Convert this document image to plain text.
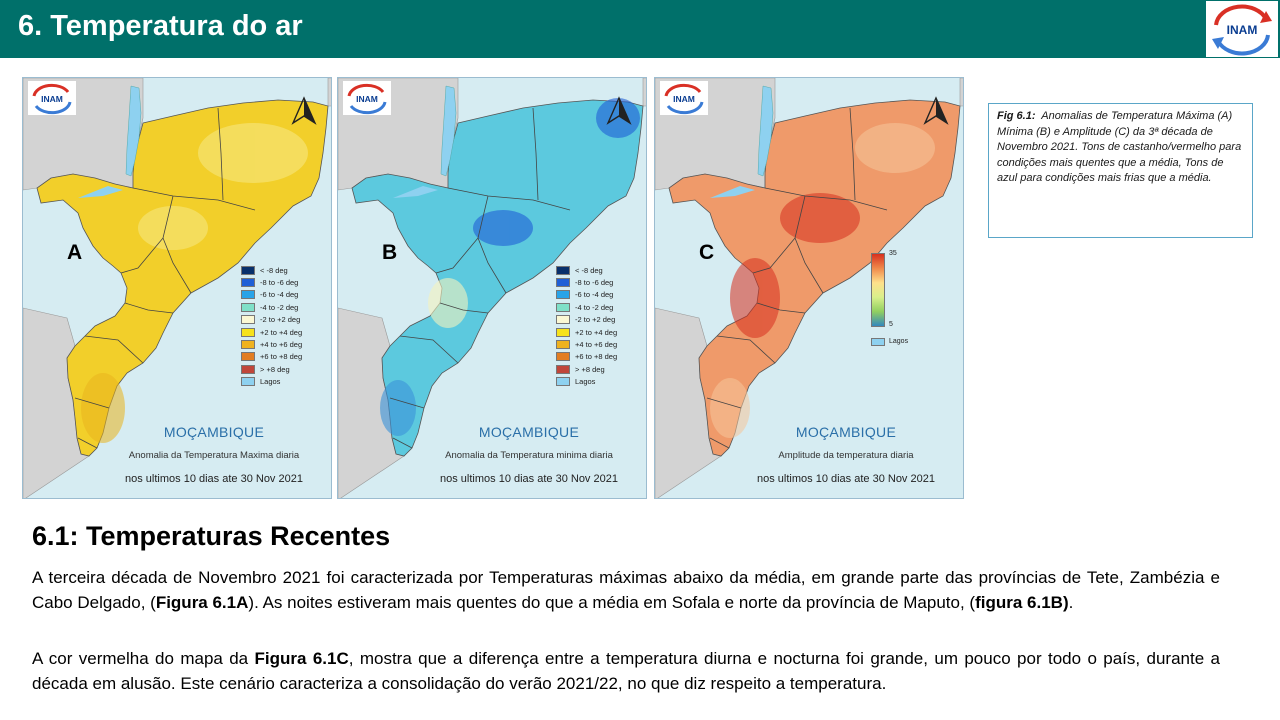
6. Temperatura do ar	INAM
INAM
A
< -8 deg
-8 to -6 deg
-6 to -4 deg
-4 to -2 deg
-2 to +2 deg
+2 to +4 deg
+4 to +6 deg
+6 to +8 deg
> +8 deg
Lagos
MOÇAMBIQUE
Anomalia da Temperatura Maxima diaria
nos ultimos 10 dias ate 30 Nov 2021
INAM
B
< -8 deg
-8 to -6 deg
-6 to -4 deg
-4 to -2 deg
-2 to +2 deg
+2 to +4 deg
+4 to +6 deg
+6 to +8 deg
> +8 deg
Lagos
MOÇAMBIQUE
Anomalia da Temperatura minima diaria
nos ultimos 10 dias ate 30 Nov 2021
INAM
C	35
5
Lagos
MOÇAMBIQUE
Amplitude da temperatura diaria
nos ultimos 10 dias ate 30 Nov 2021
Fig 6.1: Anomalias de Temperatura Máxima (A) Mínima (B) e Amplitude (C) da 3ª década de Novembro 2021. Tons de castanho/vermelho para condições mais quentes que a média, Tons de azul para condições mais frias que a média.
6.1: Temperaturas Recentes
A terceira década de Novembro 2021 foi caracterizada por Temperaturas máximas abaixo da média, em grande parte das províncias de Tete, Zambézia e Cabo Delgado, (Figura 6.1A). As noites estiveram mais quentes do que a média em Sofala e norte da província de Maputo, (figura 6.1B).
A cor vermelha do mapa da Figura 6.1C, mostra que a diferença entre a temperatura diurna e nocturna foi grande, um pouco por todo o país, durante a década em alusão. Este cenário caracteriza a consolidação do verão 2021/22, no que diz respeito a temperatura.
